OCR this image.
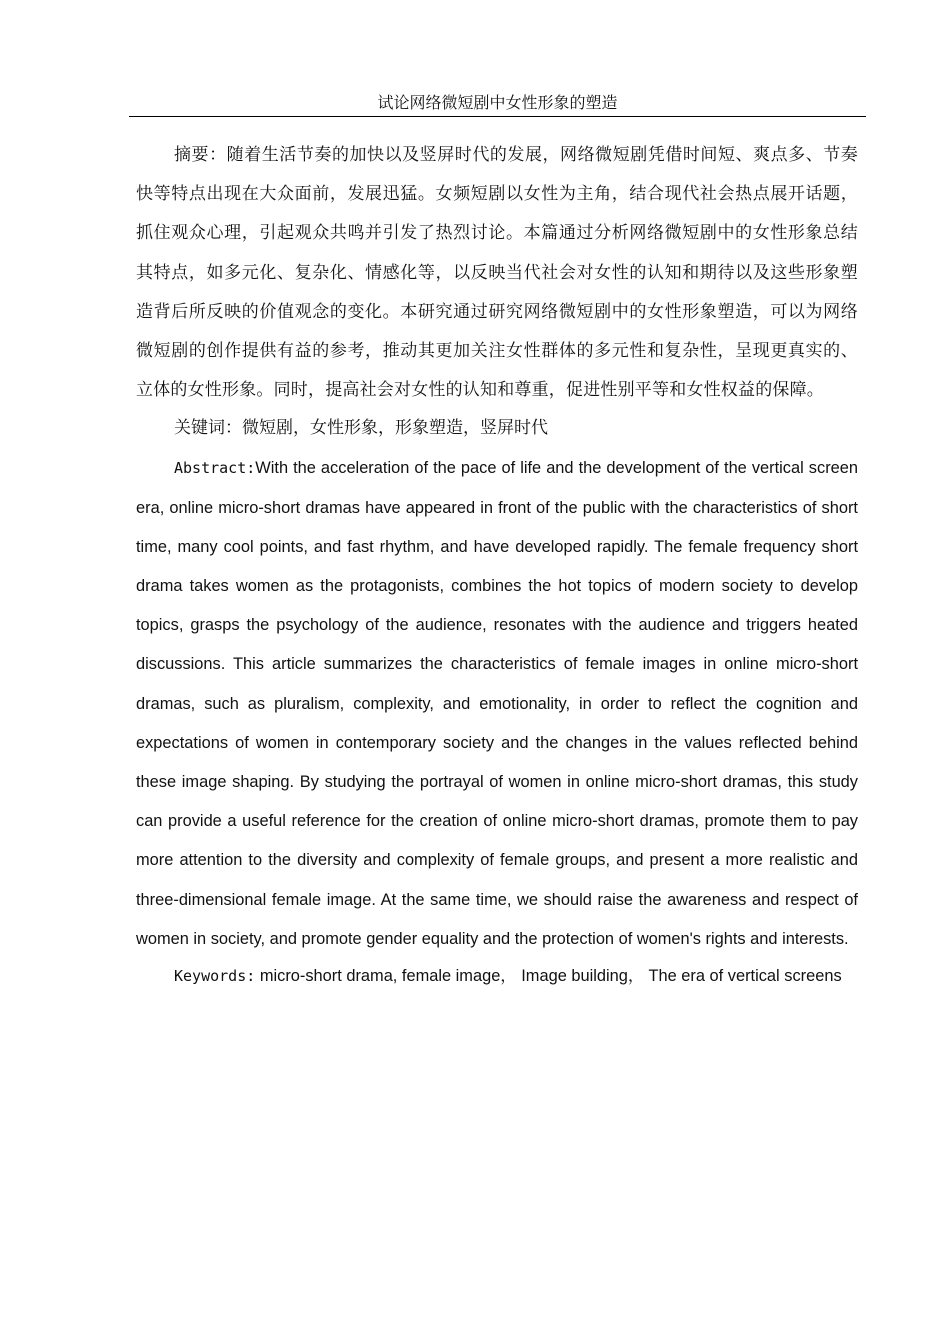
试论网络微短剧中女性形象的塑造

摘要：随着生活节奏的加快以及竖屏时代的发展，网络微短剧凭借时间短、爽点多、节奏快等特点出现在大众面前，发展迅猛。女频短剧以女性为主角，结合现代社会热点展开话题，抓住观众心理，引起观众共鸣并引发了热烈讨论。本篇通过分析网络微短剧中的女性形象总结其特点，如多元化、复杂化、情感化等，以反映当代社会对女性的认知和期待以及这些形象塑造背后所反映的价值观念的变化。本研究通过研究网络微短剧中的女性形象塑造，可以为网络微短剧的创作提供有益的参考，推动其更加关注女性群体的多元性和复杂性，呈现更真实的、立体的女性形象。同时，提高社会对女性的认知和尊重，促进性别平等和女性权益的保障。

关键词：微短剧，女性形象，形象塑造，竖屏时代

Abstract:With the acceleration of the pace of life and the development of the vertical screen era, online micro-short dramas have appeared in front of the public with the characteristics of short time, many cool points, and fast rhythm, and have developed rapidly. The female frequency short drama takes women as the protagonists, combines the hot topics of modern society to develop topics, grasps the psychology of the audience, resonates with the audience and triggers heated discussions. This article summarizes the characteristics of female images in online micro-short dramas, such as pluralism, complexity, and emotionality, in order to reflect the cognition and expectations of women in contemporary society and the changes in the values reflected behind these image shaping. By studying the portrayal of women in online micro-short dramas, this study can provide a useful reference for the creation of online micro-short dramas, promote them to pay more attention to the diversity and complexity of female groups, and present a more realistic and three-dimensional female image. At the same time, we should raise the awareness and respect of women in society, and promote gender equality and the protection of women's rights and interests.

Keywords: micro-short drama, female image， Image building， The era of vertical screens
